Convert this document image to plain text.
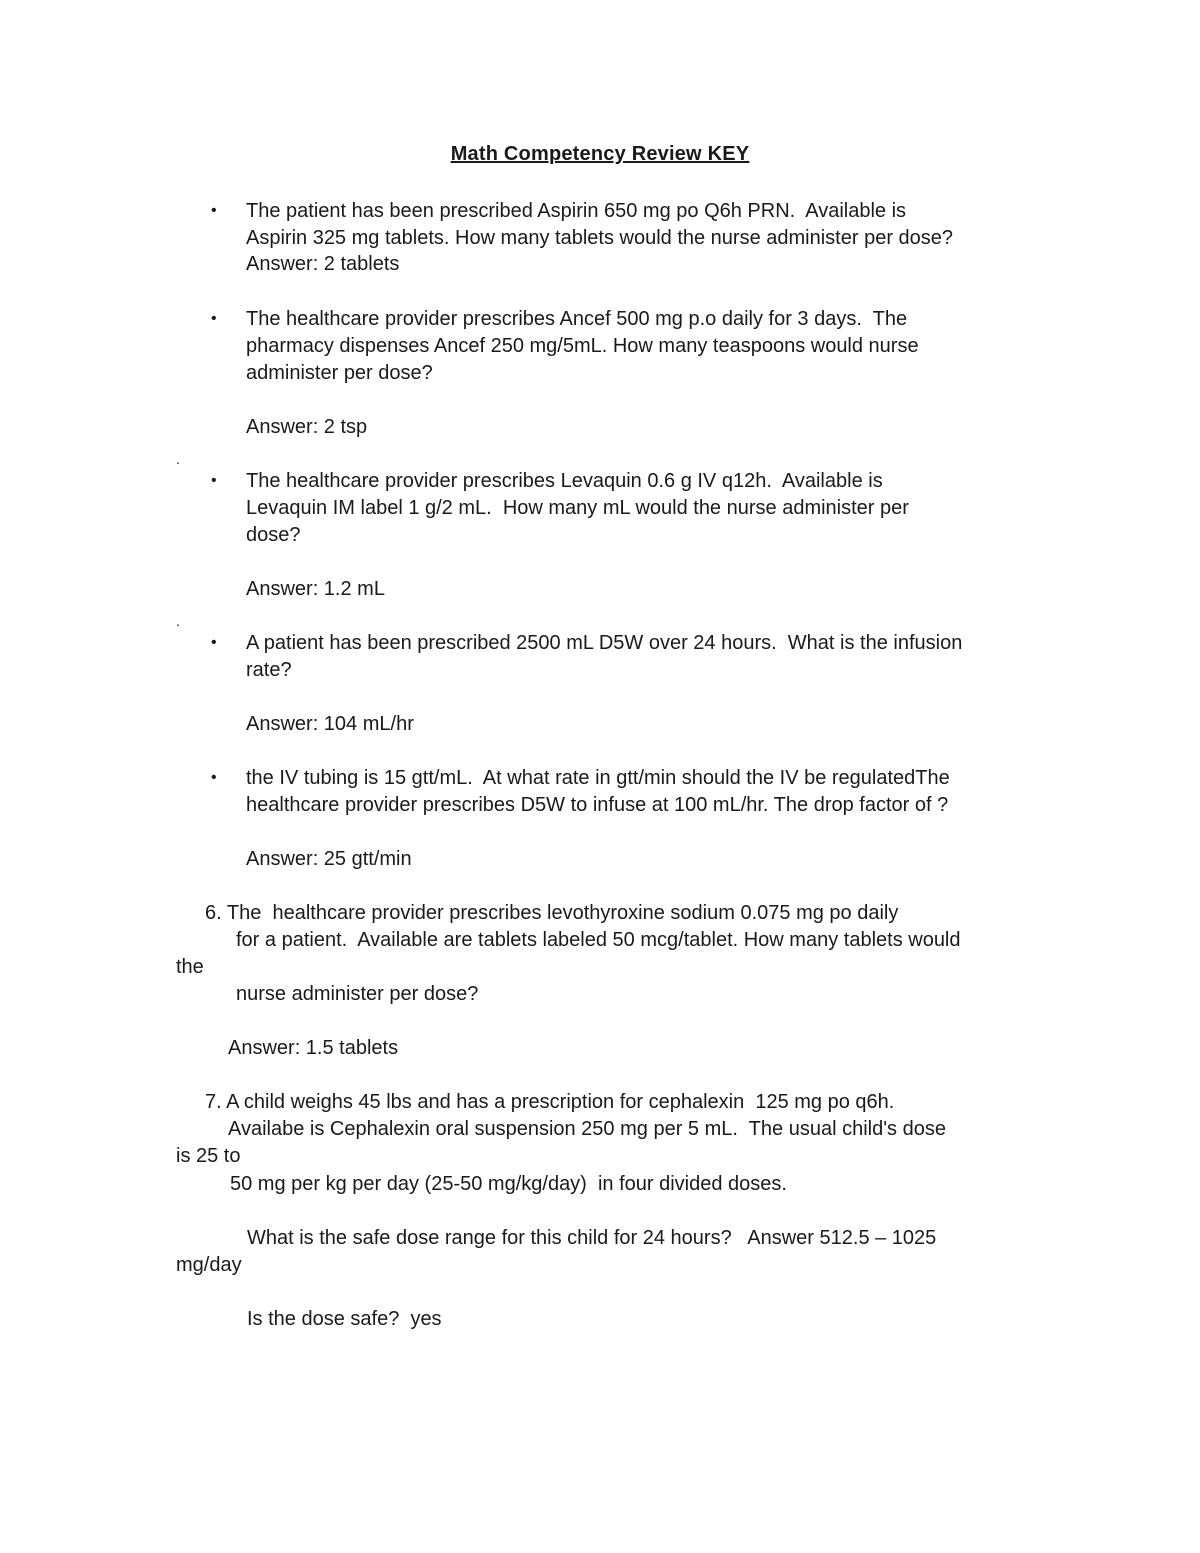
Math Competency Review KEY
• The patient has been prescribed Aspirin 650 mg po Q6h PRN.  Available is
Aspirin 325 mg tablets. How many tablets would the nurse administer per dose?
Answer: 2 tablets
• The healthcare provider prescribes Ancef 500 mg p.o daily for 3 days.  The
pharmacy dispenses Ancef 250 mg/5mL. How many teaspoons would nurse
administer per dose?
Answer: 2 tsp
.
• The healthcare provider prescribes Levaquin 0.6 g IV q12h.  Available is
Levaquin IM label 1 g/2 mL.  How many mL would the nurse administer per
dose?
Answer: 1.2 mL
.
• A patient has been prescribed 2500 mL D5W over 24 hours.  What is the infusion
rate?
Answer: 104 mL/hr
• the IV tubing is 15 gtt/mL.  At what rate in gtt/min should the IV be regulatedThe
healthcare provider prescribes D5W to infuse at 100 mL/hr. The drop factor of ?
Answer: 25 gtt/min
6. The  healthcare provider prescribes levothyroxine sodium 0.075 mg po daily
for a patient.  Available are tablets labeled 50 mcg/tablet. How many tablets would
the
nurse administer per dose?
Answer: 1.5 tablets
7. A child weighs 45 lbs and has a prescription for cephalexin  125 mg po q6h.
Availabe is Cephalexin oral suspension 250 mg per 5 mL.  The usual child's dose
is 25 to
50 mg per kg per day (25-50 mg/kg/day)  in four divided doses.
What is the safe dose range for this child for 24 hours?   Answer 512.5 – 1025
mg/day
Is the dose safe?  yes
